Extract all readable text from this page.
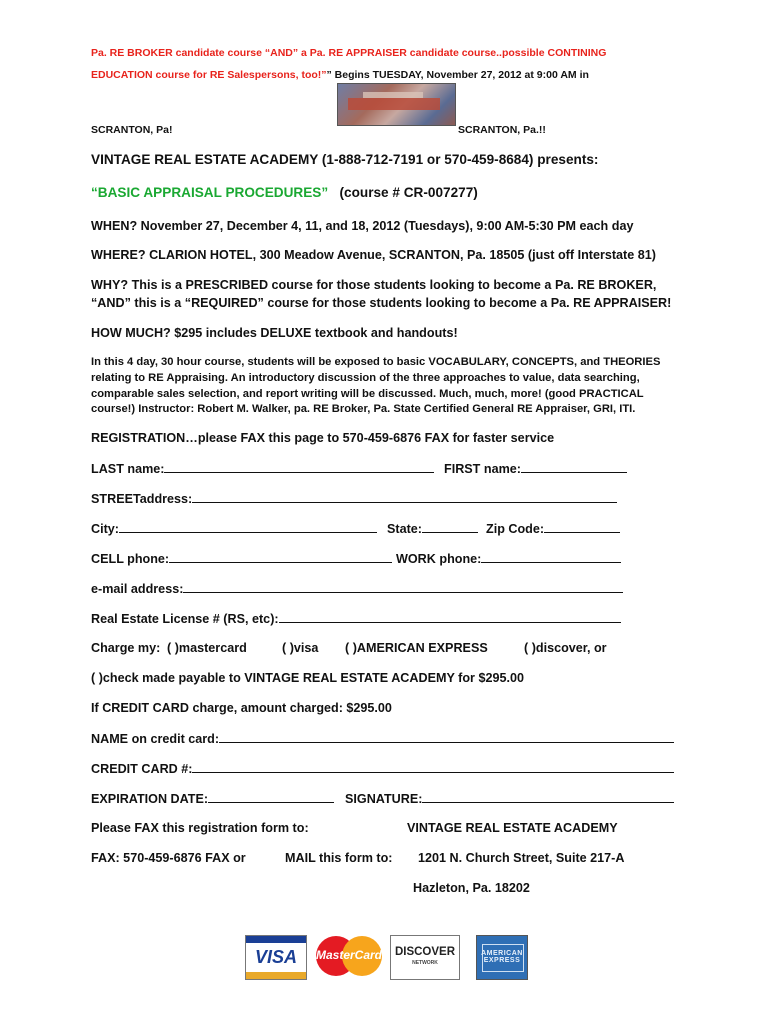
Pa. RE BROKER candidate course “AND” a Pa. RE APPRAISER candidate course..possible CONTINING
EDUCATION course for RE Salespersons, too!”” Begins TUESDAY, November 27, 2012 at 9:00 AM in
SCRANTON, Pa!	SCRANTON, Pa.!!
VINTAGE REAL ESTATE ACADEMY (1-888-712-7191 or 570-459-8684) presents:
“BASIC APPRAISAL PROCEDURES” (course # CR-007277)
WHEN? November 27, December 4, 11, and 18, 2012 (Tuesdays), 9:00 AM-5:30 PM each day
WHERE? CLARION HOTEL, 300 Meadow Avenue, SCRANTON, Pa. 18505 (just off Interstate 81)
WHY? This is a PRESCRIBED course for those students looking to become a Pa. RE BROKER,
“AND” this is a “REQUIRED” course for those students looking to become a Pa. RE APPRAISER!
HOW MUCH? $295 includes DELUXE textbook and handouts!
In this 4 day, 30 hour course, students will be exposed to basic VOCABULARY, CONCEPTS, and THEORIES
relating to RE Appraising. An introductory discussion of the three approaches to value, data searching,
comparable sales selection, and report writing will be discussed. Much, much, more! (good PRACTICAL
course!) Instructor: Robert M. Walker, pa. RE Broker, Pa. State Certified General RE Appraiser, GRI, ITI.
REGISTRATION…please FAX this page to 570-459-6876 FAX for faster service
LAST name:	FIRST name:
STREETaddress:
City:	State:	Zip Code:
CELL phone:	WORK phone:
e-mail address:
Real Estate License # (RS, etc):
Charge my: ( )mastercard	( )visa ( )AMERICAN EXPRESS	( )discover, or
( )check made payable to VINTAGE REAL ESTATE ACADEMY for $295.00
If CREDIT CARD charge, amount charged: $295.00
NAME on credit card:
CREDIT CARD #:
EXPIRATION DATE:	SIGNATURE:
Please FAX this registration form to:	VINTAGE REAL ESTATE ACADEMY
FAX: 570-459-6876 FAX or	MAIL this form to: 1201 N. Church Street, Suite 217-A
Hazleton, Pa. 18202
VISA	MasterCard	DISCOVER
NETWORK
AMERICAN EXPRESS
